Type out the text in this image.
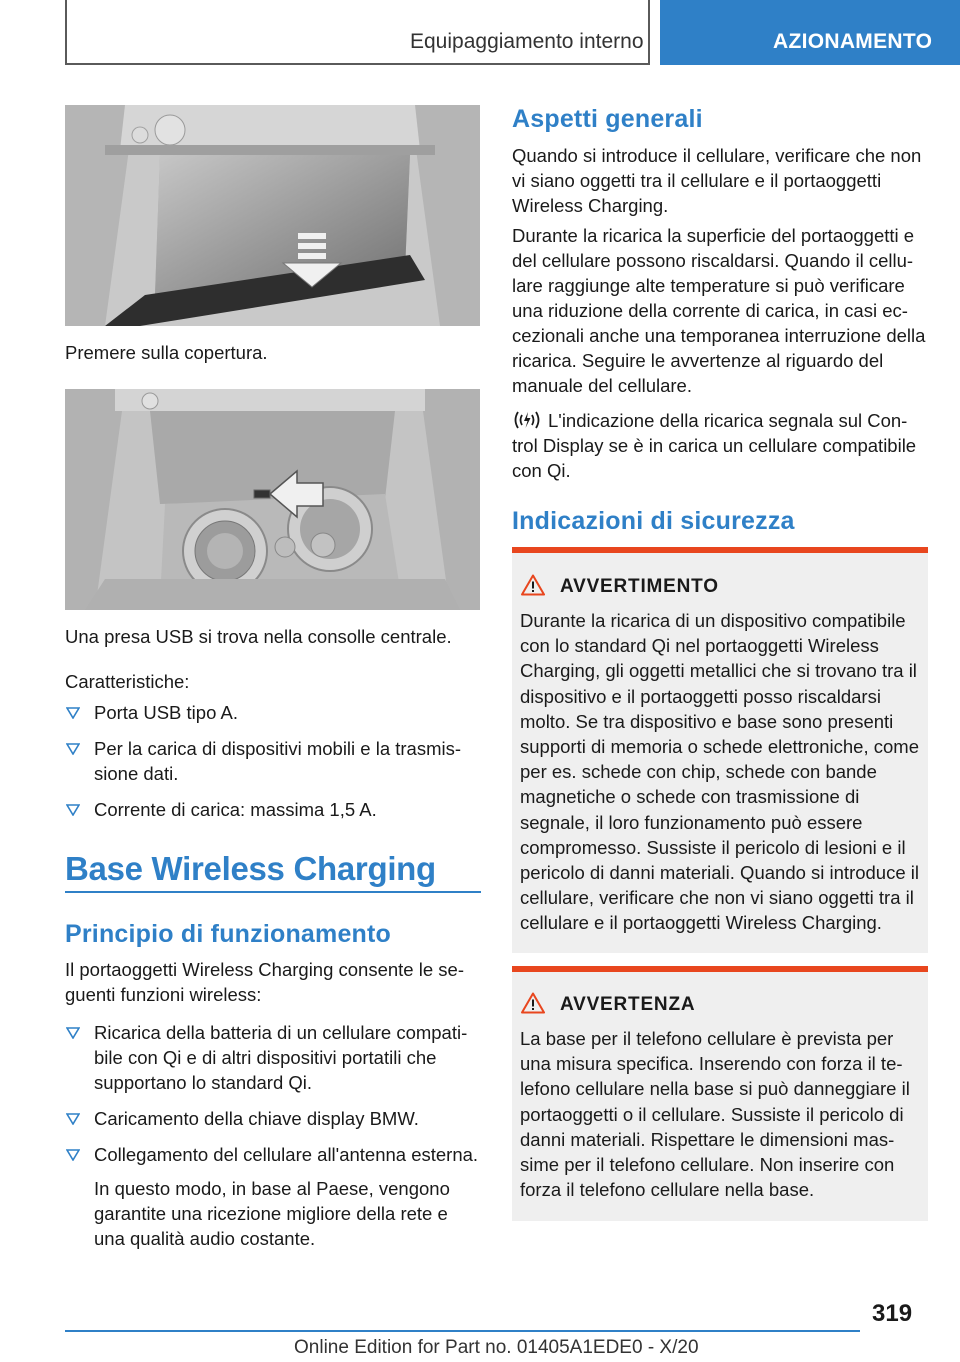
Equipaggiamento interno	AZIONAMENTO
Premere sulla copertura.
Una presa USB si trova nella consolle centrale.
Caratteristiche:
Porta USB tipo A.
Per la carica di dispositivi mobili e la trasmis-sione dati.
Corrente di carica: massima 1,5 A.
Base Wireless Charging
Principio di funzionamento
Il portaoggetti Wireless Charging consente le se-guenti funzioni wireless:
Ricarica della batteria di un cellulare compati-bile con Qi e di altri dispositivi portatili che supportano lo standard Qi.
Caricamento della chiave display BMW.
Collegamento del cellulare all'antenna esterna.
In questo modo, in base al Paese, vengono garantite una ricezione migliore della rete e una qualità audio costante.
Aspetti generali
Quando si introduce il cellulare, verificare che non vi siano oggetti tra il cellulare e il portaoggetti Wireless Charging.
Durante la ricarica la superficie del portaoggetti e del cellulare possono riscaldarsi. Quando il cellu-lare raggiunge alte temperature si può verificare una riduzione della corrente di carica, in casi ec-cezionali anche una temporanea interruzione della ricarica. Seguire le avvertenze al riguardo del manuale del cellulare.
L'indicazione della ricarica segnala sul Con-trol Display se è in carica un cellulare compatibile con Qi.
Indicazioni di sicurezza
AVVERTIMENTO
Durante la ricarica di un dispositivo compatibile con lo standard Qi nel portaoggetti Wireless Charging, gli oggetti metallici che si trovano tra il dispositivo e il portaoggetti posso riscaldarsi molto. Se tra dispositivo e base sono presenti supporti di memoria o schede elettroniche, come per es. schede con chip, schede con bande magnetiche o schede con trasmissione di segnale, il loro funzionamento può essere compromesso. Sussiste il pericolo di lesioni e il pericolo di danni materiali. Quando si introduce il cellulare, verificare che non vi siano oggetti tra il cellulare e il portaoggetti Wireless Charging.
AVVERTENZA
La base per il telefono cellulare è prevista per una misura specifica. Inserendo con forza il te-lefono cellulare nella base si può danneggiare il portaoggetti o il cellulare. Sussiste il pericolo di danni materiali. Rispettare le dimensioni mas-sime per il telefono cellulare. Non inserire con forza il telefono cellulare nella base.
319
Online Edition for Part no. 01405A1EDE0 - X/20
